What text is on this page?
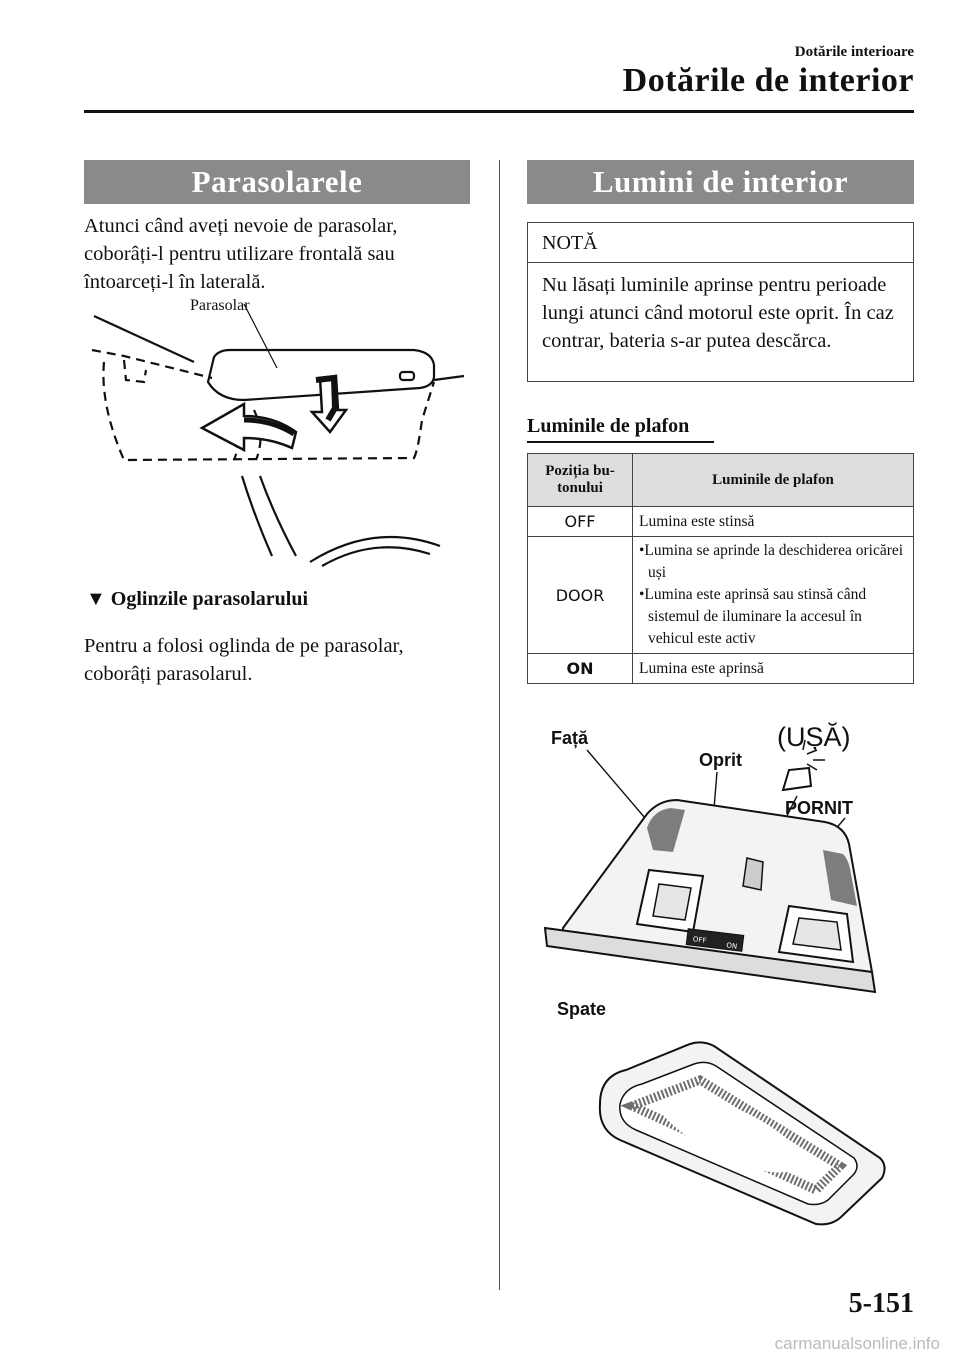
Dotările interioare
Dotările de interior
Parasolarele
Atunci când aveți nevoie de parasolar, coborâți-l pentru utilizare frontală sau întoarceți-l în laterală.
Parasolar
▼ Oglinzile parasolarului
Pentru a folosi oglinda de pe parasolar, coborâți parasolarul.
Lumini de interior
NOTĂ
Nu lăsați luminile aprinse pentru perioade lungi atunci când motorul este oprit. În caz contrar, bateria s-ar putea descărca.
Luminile de plafon
Poziția bu- tonului	Luminile de plafon
OFF	Lumina este stinsă
DOOR	•Lumina se aprinde la deschiderea oricărei uși
•Lumina este aprinsă sau stinsă când sistemul de iluminare la accesul în vehicul este activ

ON	Lumina este aprinsă
Față
Oprit
(UȘĂ)
PORNIT
Spate
OFF
ON
5-151
carmanualsonline.info
